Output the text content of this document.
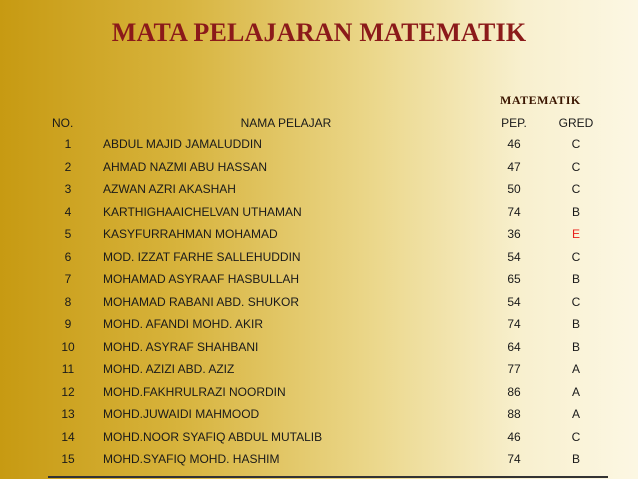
MATA PELAJARAN MATEMATIK
MATEMATIK
NO.	NAMA PELAJAR	PEP.	GRED
1	ABDUL MAJID JAMALUDDIN	46	C
2	AHMAD NAZMI ABU HASSAN	47	C
3	AZWAN AZRI AKASHAH	50	C
4	KARTHIGHAAICHELVAN UTHAMAN	74	B
5	KASYFURRAHMAN MOHAMAD	36	E
6	MOD. IZZAT FARHE SALLEHUDDIN	54	C
7	MOHAMAD ASYRAAF HASBULLAH	65	B
8	MOHAMAD RABANI ABD. SHUKOR	54	C
9	MOHD. AFANDI MOHD. AKIR	74	B
10	MOHD. ASYRAF SHAHBANI	64	B
11	MOHD. AZIZI ABD. AZIZ	77	A
12	MOHD.FAKHRULRAZI NOORDIN	86	A
13	MOHD.JUWAIDI MAHMOOD	88	A
14	MOHD.NOOR SYAFIQ ABDUL MUTALIB	46	C
15	MOHD.SYAFIQ MOHD. HASHIM	74	B
